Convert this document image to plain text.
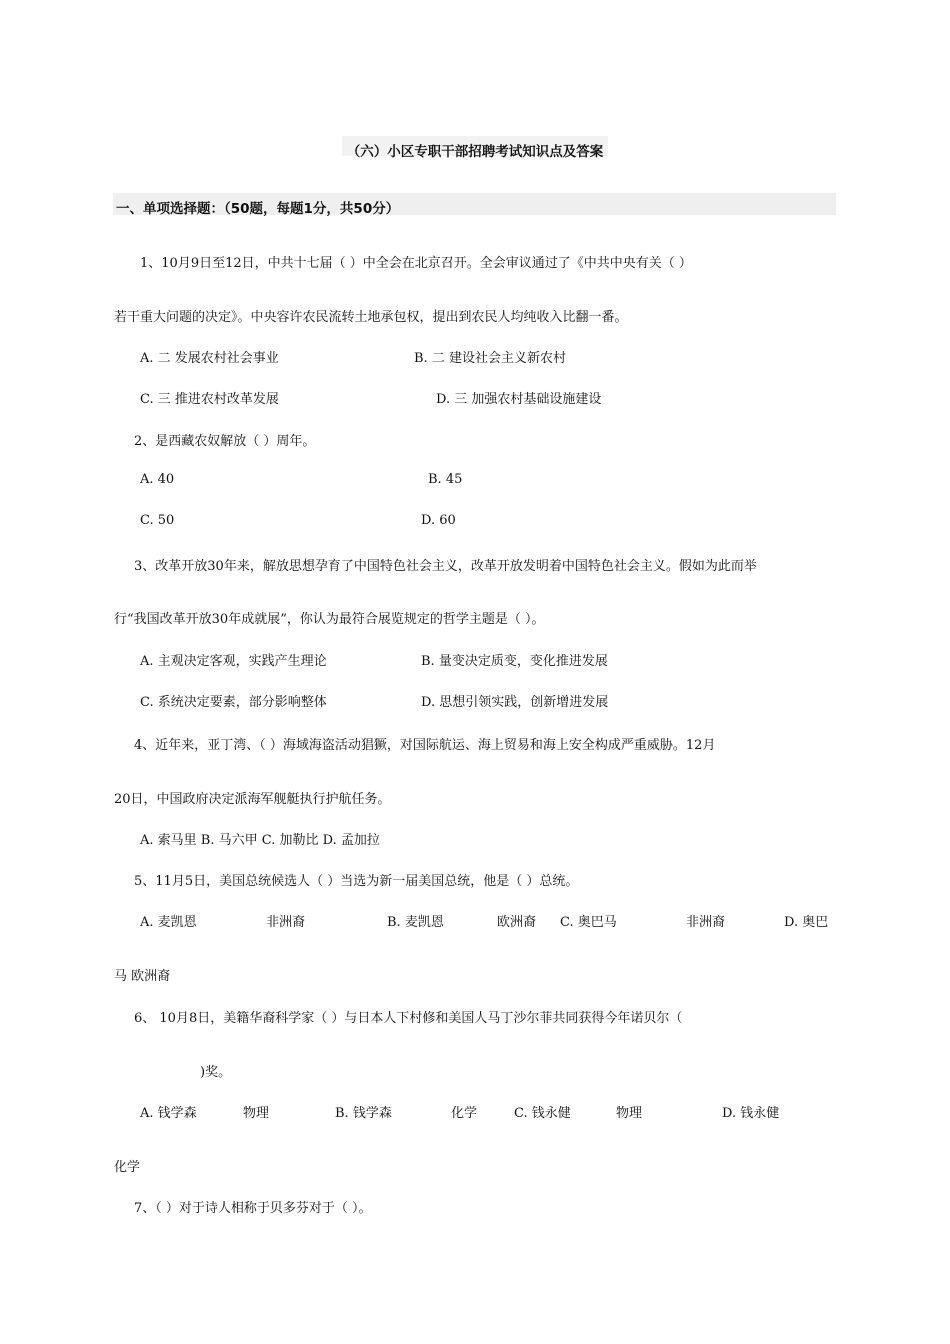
（六）小区专职干部招聘考试知识点及答案
一、单项选择题：（50题，每题1分，共50分）
1、10月9日至12日，中共十七届（ ）中全会在北京召开。全会审议通过了《中共中央有关（ ）
若干重大问题的决定》。中央容许农民流转土地承包权，提出到农民人均纯收入比翻一番。
A. 二 发展农村社会事业	B. 二 建设社会主义新农村
C. 三 推进农村改革发展	D. 三 加强农村基础设施建设
2、是西藏农奴解放（ ）周年。
A. 40	B. 45
C. 50	D. 60
3、改革开放30年来，解放思想孕育了中国特色社会主义，改革开放发明着中国特色社会主义。假如为此而举
行“我国改革开放30年成就展”，你认为最符合展览规定的哲学主题是（ ）。
A. 主观决定客观，实践产生理论	B. 量变决定质变，变化推进发展
C. 系统决定要素，部分影响整体	D. 思想引领实践，创新增进发展
4、近年来，亚丁湾、（ ）海域海盗活动猖獗，对国际航运、海上贸易和海上安全构成严重威胁。12月
20日，中国政府决定派海军舰艇执行护航任务。
A. 索马里 B. 马六甲 C. 加勒比 D. 孟加拉
5、11月5日，美国总统候选人（ ）当选为新一届美国总统，他是（ ）总统。
A. 麦凯恩	非洲裔	B. 麦凯恩	欧洲裔 C. 奥巴马	非洲裔	D. 奥巴
马 欧洲裔
6、 10月8日，美籍华裔科学家（ ）与日本人下村修和美国人马丁沙尔菲共同获得今年诺贝尔（
)奖。
A. 钱学森	物理	B. 钱学森	化学	C. 钱永健	物理	D. 钱永健
化学
7、（ ）对于诗人相称于贝多芬对于（ ）。
